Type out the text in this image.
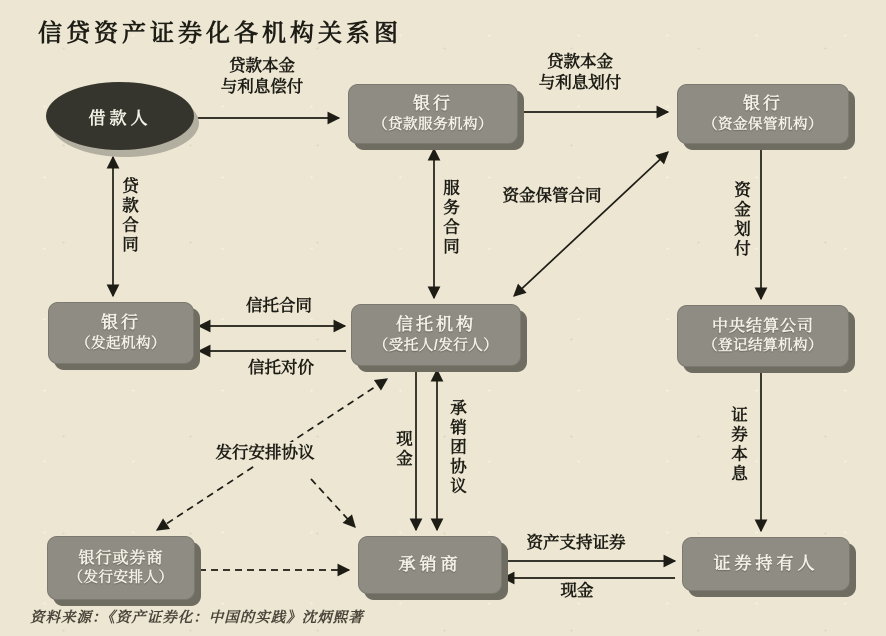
信贷资产证券化各机构关系图
借款人
银行
（贷款服务机构）
银行
（资金保管机构）
银行
（发起机构）
信托机构
（受托人/发行人）
中央结算公司
（登记结算机构）
银行或券商
（发行安排人）
承销商	证券持有人
贷款本金
与利息偿付
贷款本金
与利息划付
贷款合同	服务合同	资金保管合同	资金划付
信托合同
信托对价
现金 承销团协议	证券本息
发行安排协议
资产支持证券
现金
资料来源：《资产证券化：中国的实践》沈炳熙著
